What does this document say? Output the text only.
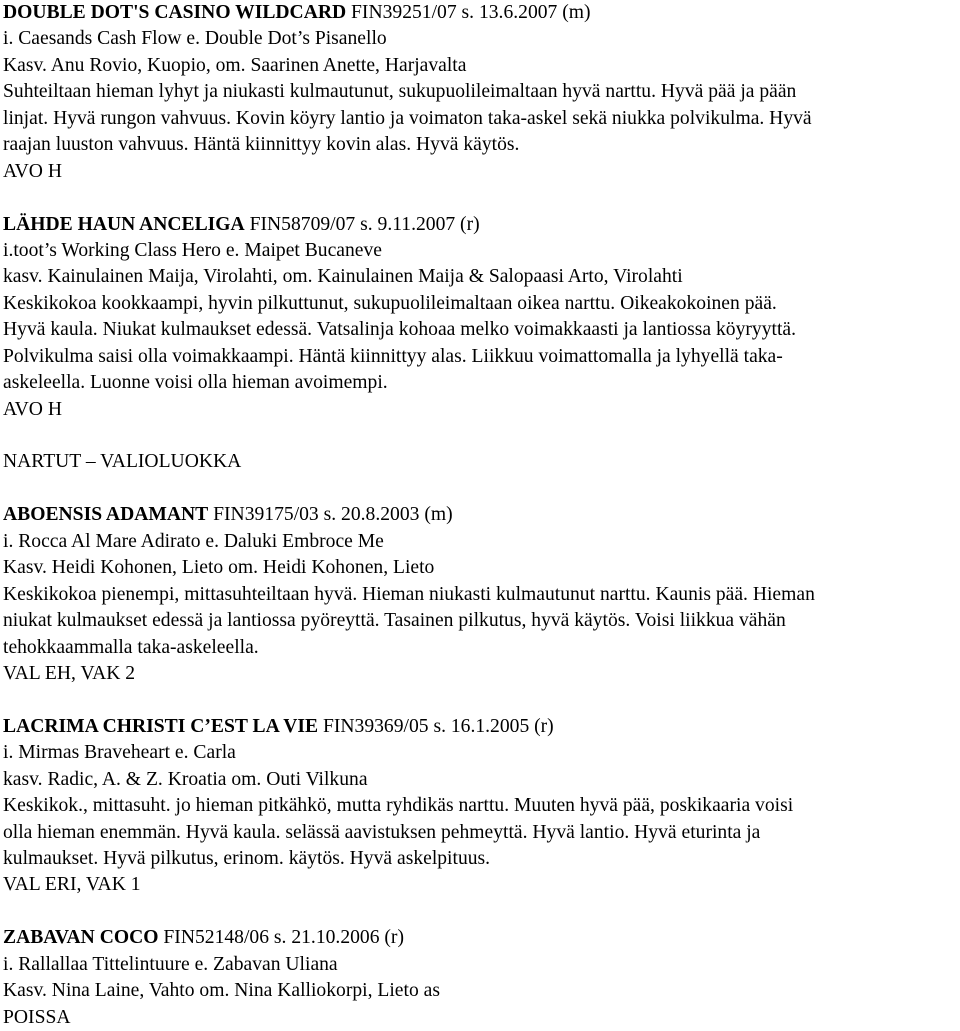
DOUBLE DOT'S CASINO WILDCARD FIN39251/07 s. 13.6.2007 (m)
i. Caesands Cash Flow e. Double Dot’s Pisanello
Kasv. Anu Rovio, Kuopio, om. Saarinen Anette, Harjavalta
Suhteiltaan hieman lyhyt ja niukasti kulmautunut, sukupuolileimaltaan hyvä narttu. Hyvä pää ja pään
linjat. Hyvä rungon vahvuus. Kovin köyry lantio ja voimaton taka-askel sekä niukka polvikulma. Hyvä
raajan luuston vahvuus. Häntä kiinnittyy kovin alas. Hyvä käytös.
AVO H
LÄHDE HAUN ANCELIGA FIN58709/07 s. 9.11.2007 (r)
i.toot’s Working Class Hero e. Maipet Bucaneve
kasv. Kainulainen Maija, Virolahti, om. Kainulainen Maija & Salopaasi Arto, Virolahti
Keskikokoa kookkaampi, hyvin pilkuttunut, sukupuolileimaltaan oikea narttu. Oikeakokoinen pää.
Hyvä kaula. Niukat kulmaukset edessä. Vatsalinja kohoaa melko voimakkaasti ja lantiossa köyryyttä.
Polvikulma saisi olla voimakkaampi. Häntä kiinnittyy alas. Liikkuu voimattomalla ja lyhyellä taka-
askeleella. Luonne voisi olla hieman avoimempi.
AVO H
NARTUT – VALIOLUOKKA
ABOENSIS ADAMANT FIN39175/03 s. 20.8.2003 (m)
i. Rocca Al Mare Adirato e. Daluki Embroce Me
Kasv. Heidi Kohonen, Lieto om. Heidi Kohonen, Lieto
Keskikokoa pienempi, mittasuhteiltaan hyvä. Hieman niukasti kulmautunut narttu. Kaunis pää. Hieman
niukat kulmaukset edessä ja lantiossa pyöreyttä. Tasainen pilkutus, hyvä käytös. Voisi liikkua vähän
tehokkaammalla taka-askeleella.
VAL EH, VAK 2
LACRIMA CHRISTI C’EST LA VIE FIN39369/05 s. 16.1.2005 (r)
i. Mirmas Braveheart e. Carla
kasv. Radic, A. & Z. Kroatia om. Outi Vilkuna
Keskikok., mittasuht. jo hieman pitkähkö, mutta ryhdikäs narttu. Muuten hyvä pää, poskikaaria voisi
olla hieman enemmän. Hyvä kaula. selässä aavistuksen pehmeyttä. Hyvä lantio. Hyvä eturinta ja
kulmaukset. Hyvä pilkutus, erinom. käytös. Hyvä askelpituus.
VAL ERI, VAK 1
ZABAVAN COCO FIN52148/06 s. 21.10.2006 (r)
i. Rallallaa Tittelintuure e. Zabavan Uliana
Kasv. Nina Laine, Vahto om. Nina Kalliokorpi, Lieto as
POISSA
